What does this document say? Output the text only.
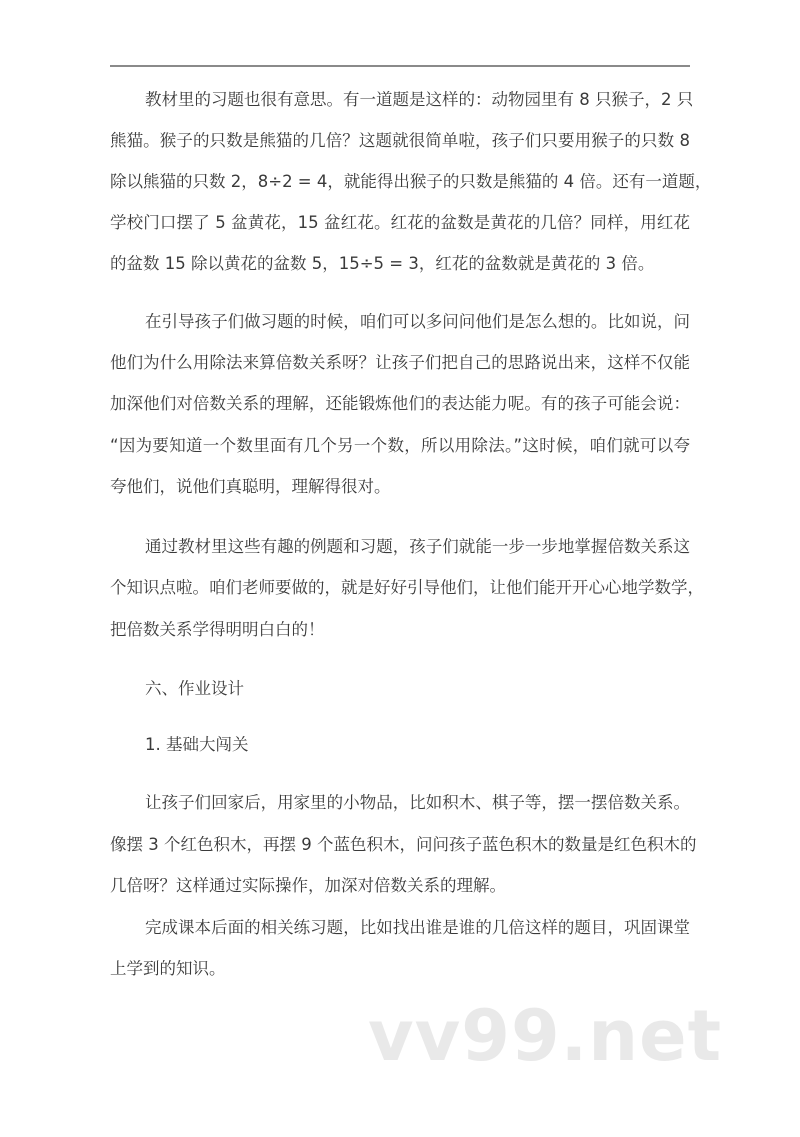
教材里的习题也很有意思。有一道题是这样的：动物园里有 8 只猴子，2 只
熊猫。猴子的只数是熊猫的几倍？这题就很简单啦，孩子们只要用猴子的只数 8
除以熊猫的只数 2，8÷2 = 4，就能得出猴子的只数是熊猫的 4 倍。还有一道题，
学校门口摆了 5 盆黄花，15 盆红花。红花的盆数是黄花的几倍？同样，用红花
的盆数 15 除以黄花的盆数 5，15÷5 = 3，红花的盆数就是黄花的 3 倍。
在引导孩子们做习题的时候，咱们可以多问问他们是怎么想的。比如说，问
他们为什么用除法来算倍数关系呀？让孩子们把自己的思路说出来，这样不仅能
加深他们对倍数关系的理解，还能锻炼他们的表达能力呢。有的孩子可能会说：
“因为要知道一个数里面有几个另一个数，所以用除法。”这时候，咱们就可以夸
夸他们，说他们真聪明，理解得很对。
通过教材里这些有趣的例题和习题，孩子们就能一步一步地掌握倍数关系这
个知识点啦。咱们老师要做的，就是好好引导他们，让他们能开开心心地学数学，
把倍数关系学得明明白白的！
六、作业设计
1. 基础大闯关
让孩子们回家后，用家里的小物品，比如积木、棋子等，摆一摆倍数关系。
像摆 3 个红色积木，再摆 9 个蓝色积木，问问孩子蓝色积木的数量是红色积木的
几倍呀？这样通过实际操作，加深对倍数关系的理解。
完成课本后面的相关练习题，比如找出谁是谁的几倍这样的题目，巩固课堂
上学到的知识。
vv99.net
